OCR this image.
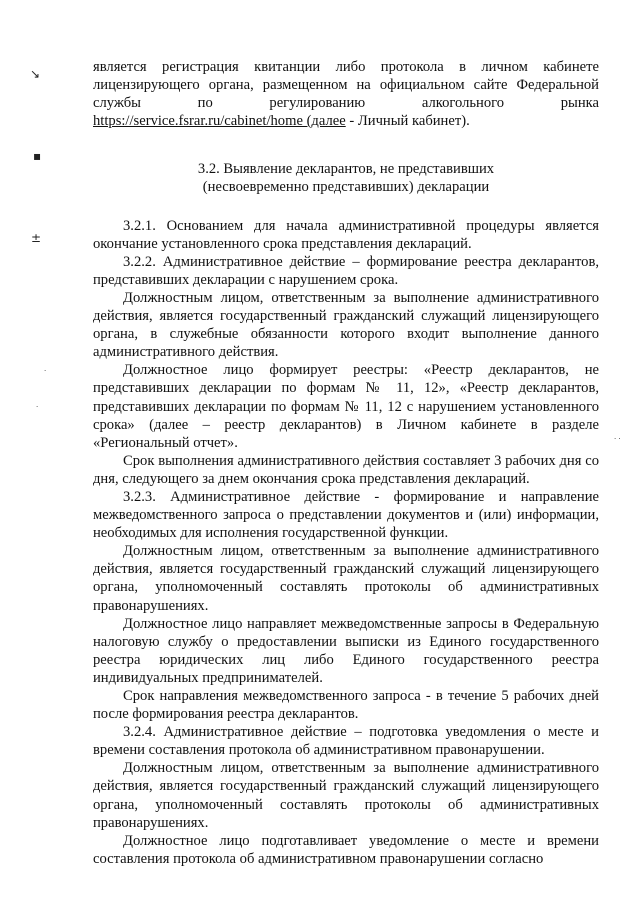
↘
▪
±
·
·
· ·

является регистрация квитанции либо протокола в личном кабинете лицензирующего органа, размещенном на официальном сайте Федеральной службы по регулированию алкогольного рынка https://service.fsrar.ru/cabinet/home (далее - Личный кабинет).

3.2. Выявление декларантов, не представивших

(несвоевременно представивших) декларации

3.2.1. Основанием для начала административной процедуры является окончание установленного срока представления деклараций.

3.2.2. Административное действие – формирование реестра декларантов, представивших декларации с нарушением срока.

Должностным лицом, ответственным за выполнение административного действия, является государственный гражданский служащий лицензирующего органа, в служебные обязанности которого входит выполнение данного административного действия.

Должностное лицо формирует реестры: «Реестр декларантов, не представивших декларации по формам № 11, 12», «Реестр декларантов, представивших декларации по формам № 11, 12 с нарушением установленного срока» (далее – реестр декларантов) в Личном кабинете в разделе «Региональный отчет».

Срок выполнения административного действия составляет 3 рабочих дня со дня, следующего за днем окончания срока представления деклараций.

3.2.3. Административное действие - формирование и направление межведомственного запроса о представлении документов и (или) информации, необходимых для исполнения государственной функции.

Должностным лицом, ответственным за выполнение административного действия, является государственный гражданский служащий лицензирующего органа, уполномоченный составлять протоколы об административных правонарушениях.

Должностное лицо направляет межведомственные запросы в Федеральную налоговую службу о предоставлении выписки из Единого государственного реестра юридических лиц либо Единого государственного реестра индивидуальных предпринимателей.

Срок направления межведомственного запроса - в течение 5 рабочих дней после формирования реестра декларантов.

3.2.4. Административное действие – подготовка уведомления о месте и времени составления протокола об административном правонарушении.

Должностным лицом, ответственным за выполнение административного действия, является государственный гражданский служащий лицензирующего органа, уполномоченный составлять протоколы об административных правонарушениях.

Должностное лицо подготавливает уведомление о месте и времени составления протокола об административном правонарушении согласно
